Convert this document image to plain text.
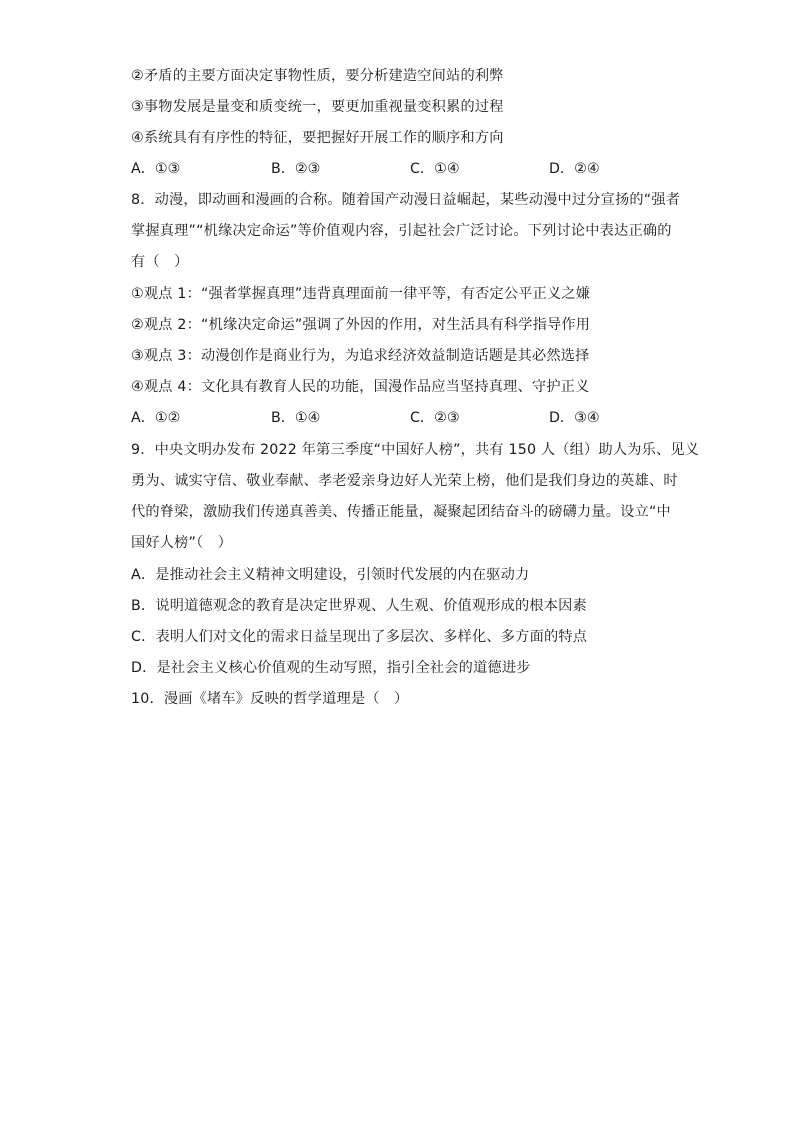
②矛盾的主要方面决定事物性质，要分析建造空间站的利弊
③事物发展是量变和质变统一，要更加重视量变积累的过程
④系统具有有序性的特征，要把握好开展工作的顺序和方向
A．①③	B．②③	C．①④	D．②④
8．动漫，即动画和漫画的合称。随着国产动漫日益崛起，某些动漫中过分宣扬的“强者
掌握真理”“机缘决定命运”等价值观内容，引起社会广泛讨论。下列讨论中表达正确的
有（　）
①观点 1：“强者掌握真理”违背真理面前一律平等，有否定公平正义之嫌
②观点 2：“机缘决定命运”强调了外因的作用，对生活具有科学指导作用
③观点 3：动漫创作是商业行为，为追求经济效益制造话题是其必然选择
④观点 4：文化具有教育人民的功能，国漫作品应当坚持真理、守护正义
A．①②	B．①④	C．②③	D．③④
9．中央文明办发布 2022 年第三季度“中国好人榜”，共有 150 人（组）助人为乐、见义
勇为、诚实守信、敬业奉献、孝老爱亲身边好人光荣上榜，他们是我们身边的英雄、时
代的脊梁，激励我们传递真善美、传播正能量，凝聚起团结奋斗的磅礴力量。设立“中
国好人榜”（　）
A．是推动社会主义精神文明建设，引领时代发展的内在驱动力
B．说明道德观念的教育是决定世界观、人生观、价值观形成的根本因素
C．表明人们对文化的需求日益呈现出了多层次、多样化、多方面的特点
D．是社会主义核心价值观的生动写照，指引全社会的道德进步
10．漫画《堵车》反映的哲学道理是（　）
